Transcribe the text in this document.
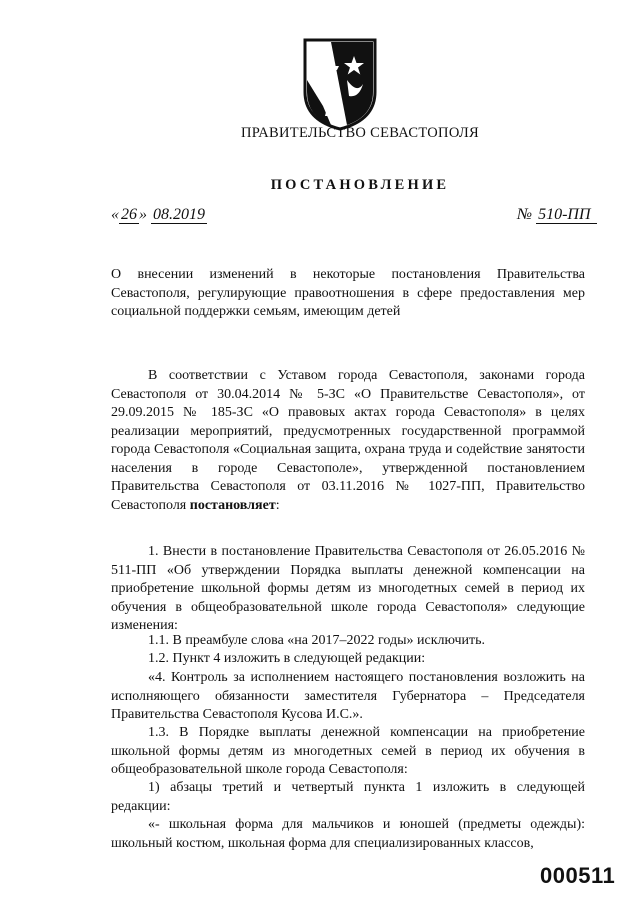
ПРАВИТЕЛЬСТВО СЕВАСТОПОЛЯ
ПОСТАНОВЛЕНИЕ
« 26 » 08.2019	№ 510-ПП
О внесении изменений в некоторые постановления Правительства Севастополя, регулирующие правоотношения в сфере предоставления мер социальной поддержки семьям, имеющим детей
В соответствии с Уставом города Севастополя, законами города Севастополя от 30.04.2014 № 5-ЗС «О Правительстве Севастополя», от 29.09.2015 № 185-ЗС «О правовых актах города Севастополя» в целях реализации мероприятий, предусмотренных государственной программой города Севастополя «Социальная защита, охрана труда и содействие занятости населения в городе Севастополе», утвержденной постановлением Правительства Севастополя от 03.11.2016 № 1027-ПП, Правительство Севастополя постановляет:
1. Внести в постановление Правительства Севастополя от 26.05.2016 № 511-ПП «Об утверждении Порядка выплаты денежной компенсации на приобретение школьной формы детям из многодетных семей в период их обучения в общеобразовательной школе города Севастополя» следующие изменения:
1.1. В преамбуле слова «на 2017–2022 годы» исключить.
1.2. Пункт 4 изложить в следующей редакции:
«4. Контроль за исполнением настоящего постановления возложить на исполняющего обязанности заместителя Губернатора – Председателя Правительства Севастополя Кусова И.С.».
1.3. В Порядке выплаты денежной компенсации на приобретение школьной формы детям из многодетных семей в период их обучения в общеобразовательной школе города Севастополя:
1) абзацы третий и четвертый пункта 1 изложить в следующей редакции:
«- школьная форма для мальчиков и юношей (предметы одежды): школьный костюм, школьная форма для специализированных классов,
000511
